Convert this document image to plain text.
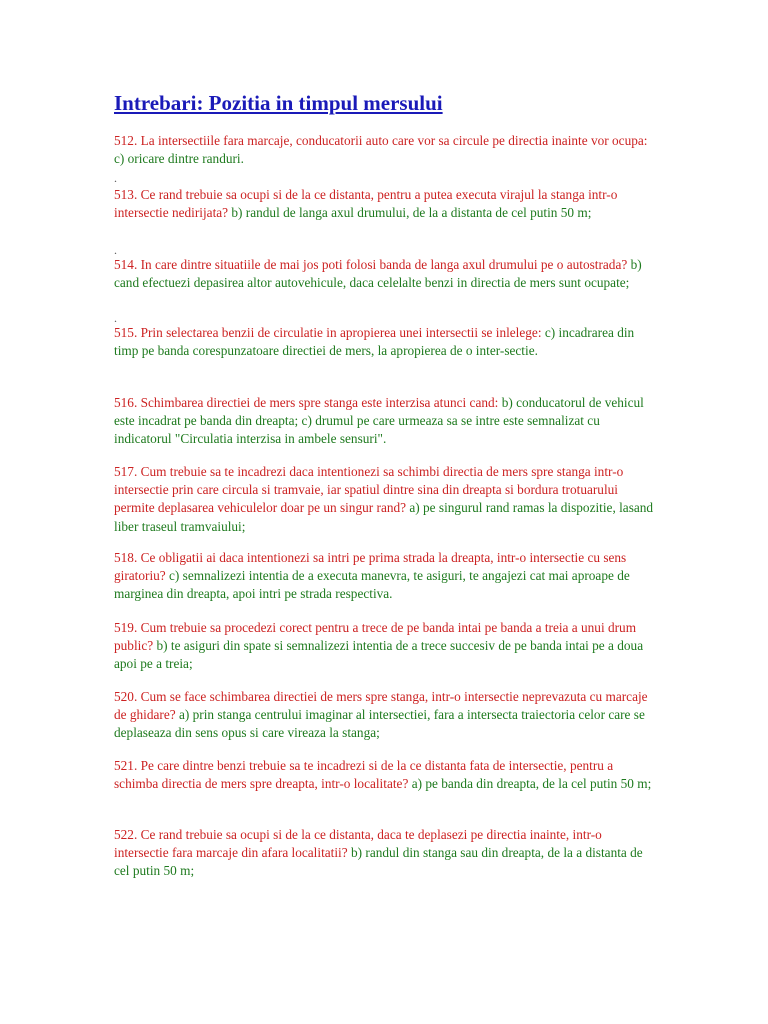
Intrebari: Pozitia in timpul mersului

512. La intersectiile fara marcaje, conducatorii auto care vor sa circule pe directia inainte vor ocupa: c) oricare dintre randuri.

.

513. Ce rand trebuie sa ocupi si de la ce distanta, pentru a putea executa virajul la stanga intr-o intersectie nedirijata? b) randul de langa axul drumului, de la a distanta de cel putin 50 m;

.

514. In care dintre situatiile de mai jos poti folosi banda de langa axul drumului pe o autostrada? b) cand efectuezi depasirea altor autovehicule, daca celelalte benzi in directia de mers sunt ocupate;

.

515. Prin selectarea benzii de circulatie in apropierea unei intersectii se inlelege: c) incadrarea din timp pe banda corespunzatoare directiei de mers, la apropierea de o inter-sectie.

516. Schimbarea directiei de mers spre stanga este interzisa atunci cand: b) conducatorul de vehicul este incadrat pe banda din dreapta; c) drumul pe care urmeaza sa se intre este semnalizat cu indicatorul "Circulatia interzisa in ambele sensuri".

517. Cum trebuie sa te incadrezi daca intentionezi sa schimbi directia de mers spre stanga intr-o intersectie prin care circula si tramvaie, iar spatiul dintre sina din dreapta si bordura trotuarului permite deplasarea vehiculelor doar pe un singur rand? a) pe singurul rand ramas la dispozitie, lasand liber traseul tramvaiului;

518. Ce obligatii ai daca intentionezi sa intri pe prima strada la dreapta, intr-o intersectie cu sens giratoriu? c) semnalizezi intentia de a executa manevra, te asiguri, te angajezi cat mai aproape de marginea din dreapta, apoi intri pe strada respectiva.

519. Cum trebuie sa procedezi corect pentru a trece de pe banda intai pe banda a treia a unui drum public? b) te asiguri din spate si semnalizezi intentia de a trece succesiv de pe banda intai pe a doua apoi pe a treia;

520. Cum se face schimbarea directiei de mers spre stanga, intr-o intersectie neprevazuta cu marcaje de ghidare? a) prin stanga centrului imaginar al intersectiei, fara a intersecta traiectoria celor care se deplaseaza din sens opus si care vireaza la stanga;

521. Pe care dintre benzi trebuie sa te incadrezi si de la ce distanta fata de intersectie, pentru a schimba directia de mers spre dreapta, intr-o localitate? a) pe banda din dreapta, de la cel putin 50 m;

522. Ce rand trebuie sa ocupi si de la ce distanta, daca te deplasezi pe directia inainte, intr-o intersectie fara marcaje din afara localitatii? b) randul din stanga sau din dreapta, de la a distanta de cel putin 50 m;
